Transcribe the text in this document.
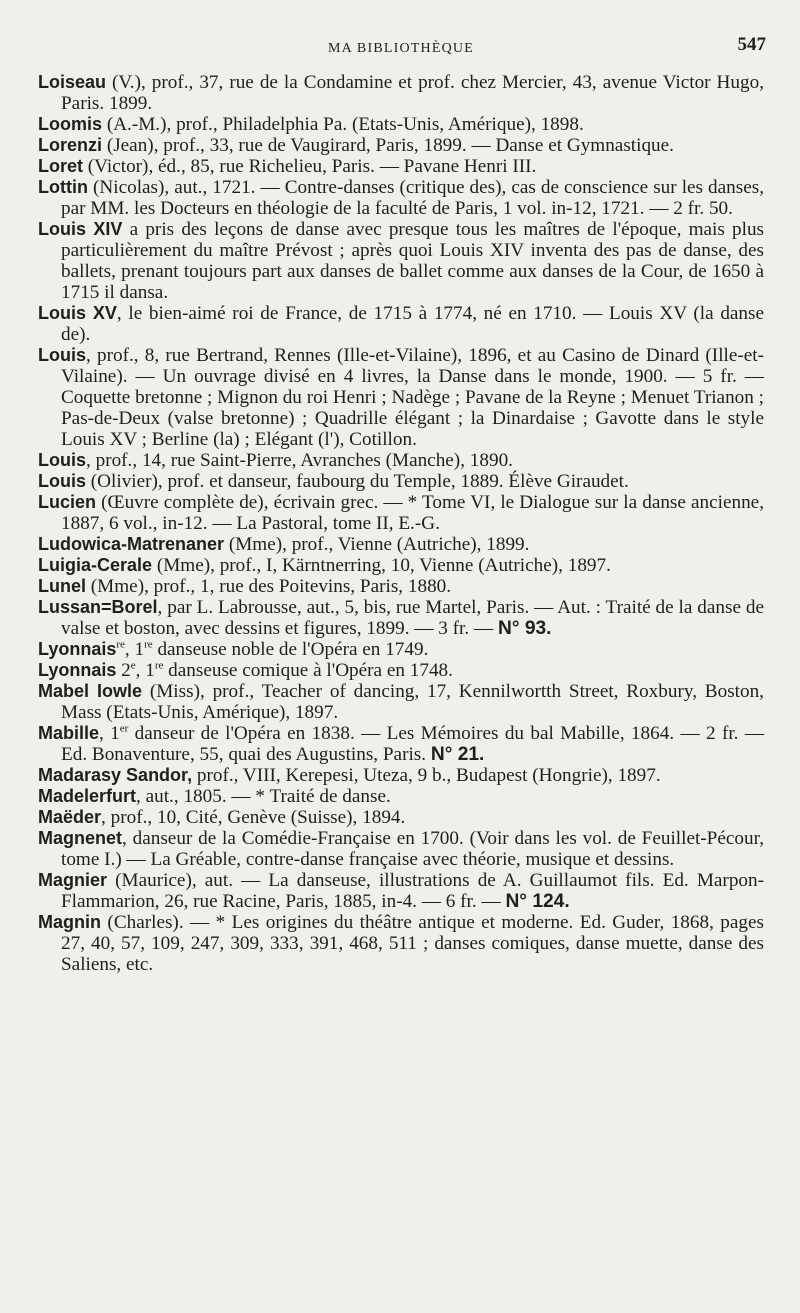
MA BIBLIOTHÈQUE	547

Loiseau (V.), prof., 37, rue de la Condamine et prof. chez Mercier, 43, avenue Victor Hugo, Paris. 1899.

Loomis (A.-M.), prof., Philadelphia Pa. (Etats-Unis, Amérique), 1898.

Lorenzi (Jean), prof., 33, rue de Vaugirard, Paris, 1899. — Danse et Gymnastique.

Loret (Victor), éd., 85, rue Richelieu, Paris. — Pavane Henri III.

Lottin (Nicolas), aut., 1721. — Contre-danses (critique des), cas de conscience sur les danses, par MM. les Docteurs en théologie de la faculté de Paris, 1 vol. in-12, 1721. — 2 fr. 50.

Louis XIV a pris des leçons de danse avec presque tous les maîtres de l'époque, mais plus particulièrement du maître Prévost ; après quoi Louis XIV inventa des pas de danse, des ballets, prenant toujours part aux danses de ballet comme aux danses de la Cour, de 1650 à 1715 il dansa.

Louis XV, le bien-aimé roi de France, de 1715 à 1774, né en 1710. — Louis XV (la danse de).

Louis, prof., 8, rue Bertrand, Rennes (Ille-et-Vilaine), 1896, et au Casino de Dinard (Ille-et-Vilaine). — Un ouvrage divisé en 4 livres, la Danse dans le monde, 1900. — 5 fr. — Coquette bretonne ; Mignon du roi Henri ; Nadège ; Pavane de la Reyne ; Menuet Trianon ; Pas-de-Deux (valse bretonne) ; Quadrille élégant ; la Dinardaise ; Gavotte dans le style Louis XV ; Berline (la) ; Elégant (l'), Cotillon.

Louis, prof., 14, rue Saint-Pierre, Avranches (Manche), 1890.

Louis (Olivier), prof. et danseur, faubourg du Temple, 1889. Élève Giraudet.

Lucien (Œuvre complète de), écrivain grec. — * Tome VI, le Dialogue sur la danse ancienne, 1887, 6 vol., in-12. — La Pastoral, tome II, E.-G.

Ludowica-Matrenaner (Mme), prof., Vienne (Autriche), 1899.

Luigia-Cerale (Mme), prof., I, Kärntnerring, 10, Vienne (Autriche), 1897.

Lunel (Mme), prof., 1, rue des Poitevins, Paris, 1880.

Lussan=Borel, par L. Labrousse, aut., 5, bis, rue Martel, Paris. — Aut. : Traité de la danse de valse et boston, avec dessins et figures, 1899. — 3 fr. — N° 93.

Lyonnais$^{re}$, 1re danseuse noble de l'Opéra en 1749.

Lyonnais 2e, 1re danseuse comique à l'Opéra en 1748.

Mabel Iowle (Miss), prof., Teacher of dancing, 17, Kennilwortth Street, Roxbury, Boston, Mass (Etats-Unis, Amérique), 1897.

Mabille, 1er danseur de l'Opéra en 1838. — Les Mémoires du bal Mabille, 1864. — 2 fr. — Ed. Bonaventure, 55, quai des Augustins, Paris. N° 21.

Madarasy Sandor, prof., VIII, Kerepesi, Uteza, 9 b., Budapest (Hongrie), 1897.

Madelerfurt, aut., 1805. — * Traité de danse.

Maëder, prof., 10, Cité, Genève (Suisse), 1894.

Magnenet, danseur de la Comédie-Française en 1700. (Voir dans les vol. de Feuillet-Pécour, tome I.) — La Gréable, contre-danse française avec théorie, musique et dessins.

Magnier (Maurice), aut. — La danseuse, illustrations de A. Guillaumot fils. Ed. Marpon-Flammarion, 26, rue Racine, Paris, 1885, in-4. — 6 fr. — N° 124.

Magnin (Charles). — * Les origines du théâtre antique et moderne. Ed. Guder, 1868, pages 27, 40, 57, 109, 247, 309, 333, 391, 468, 511 ; danses comiques, danse muette, danse des Saliens, etc.
